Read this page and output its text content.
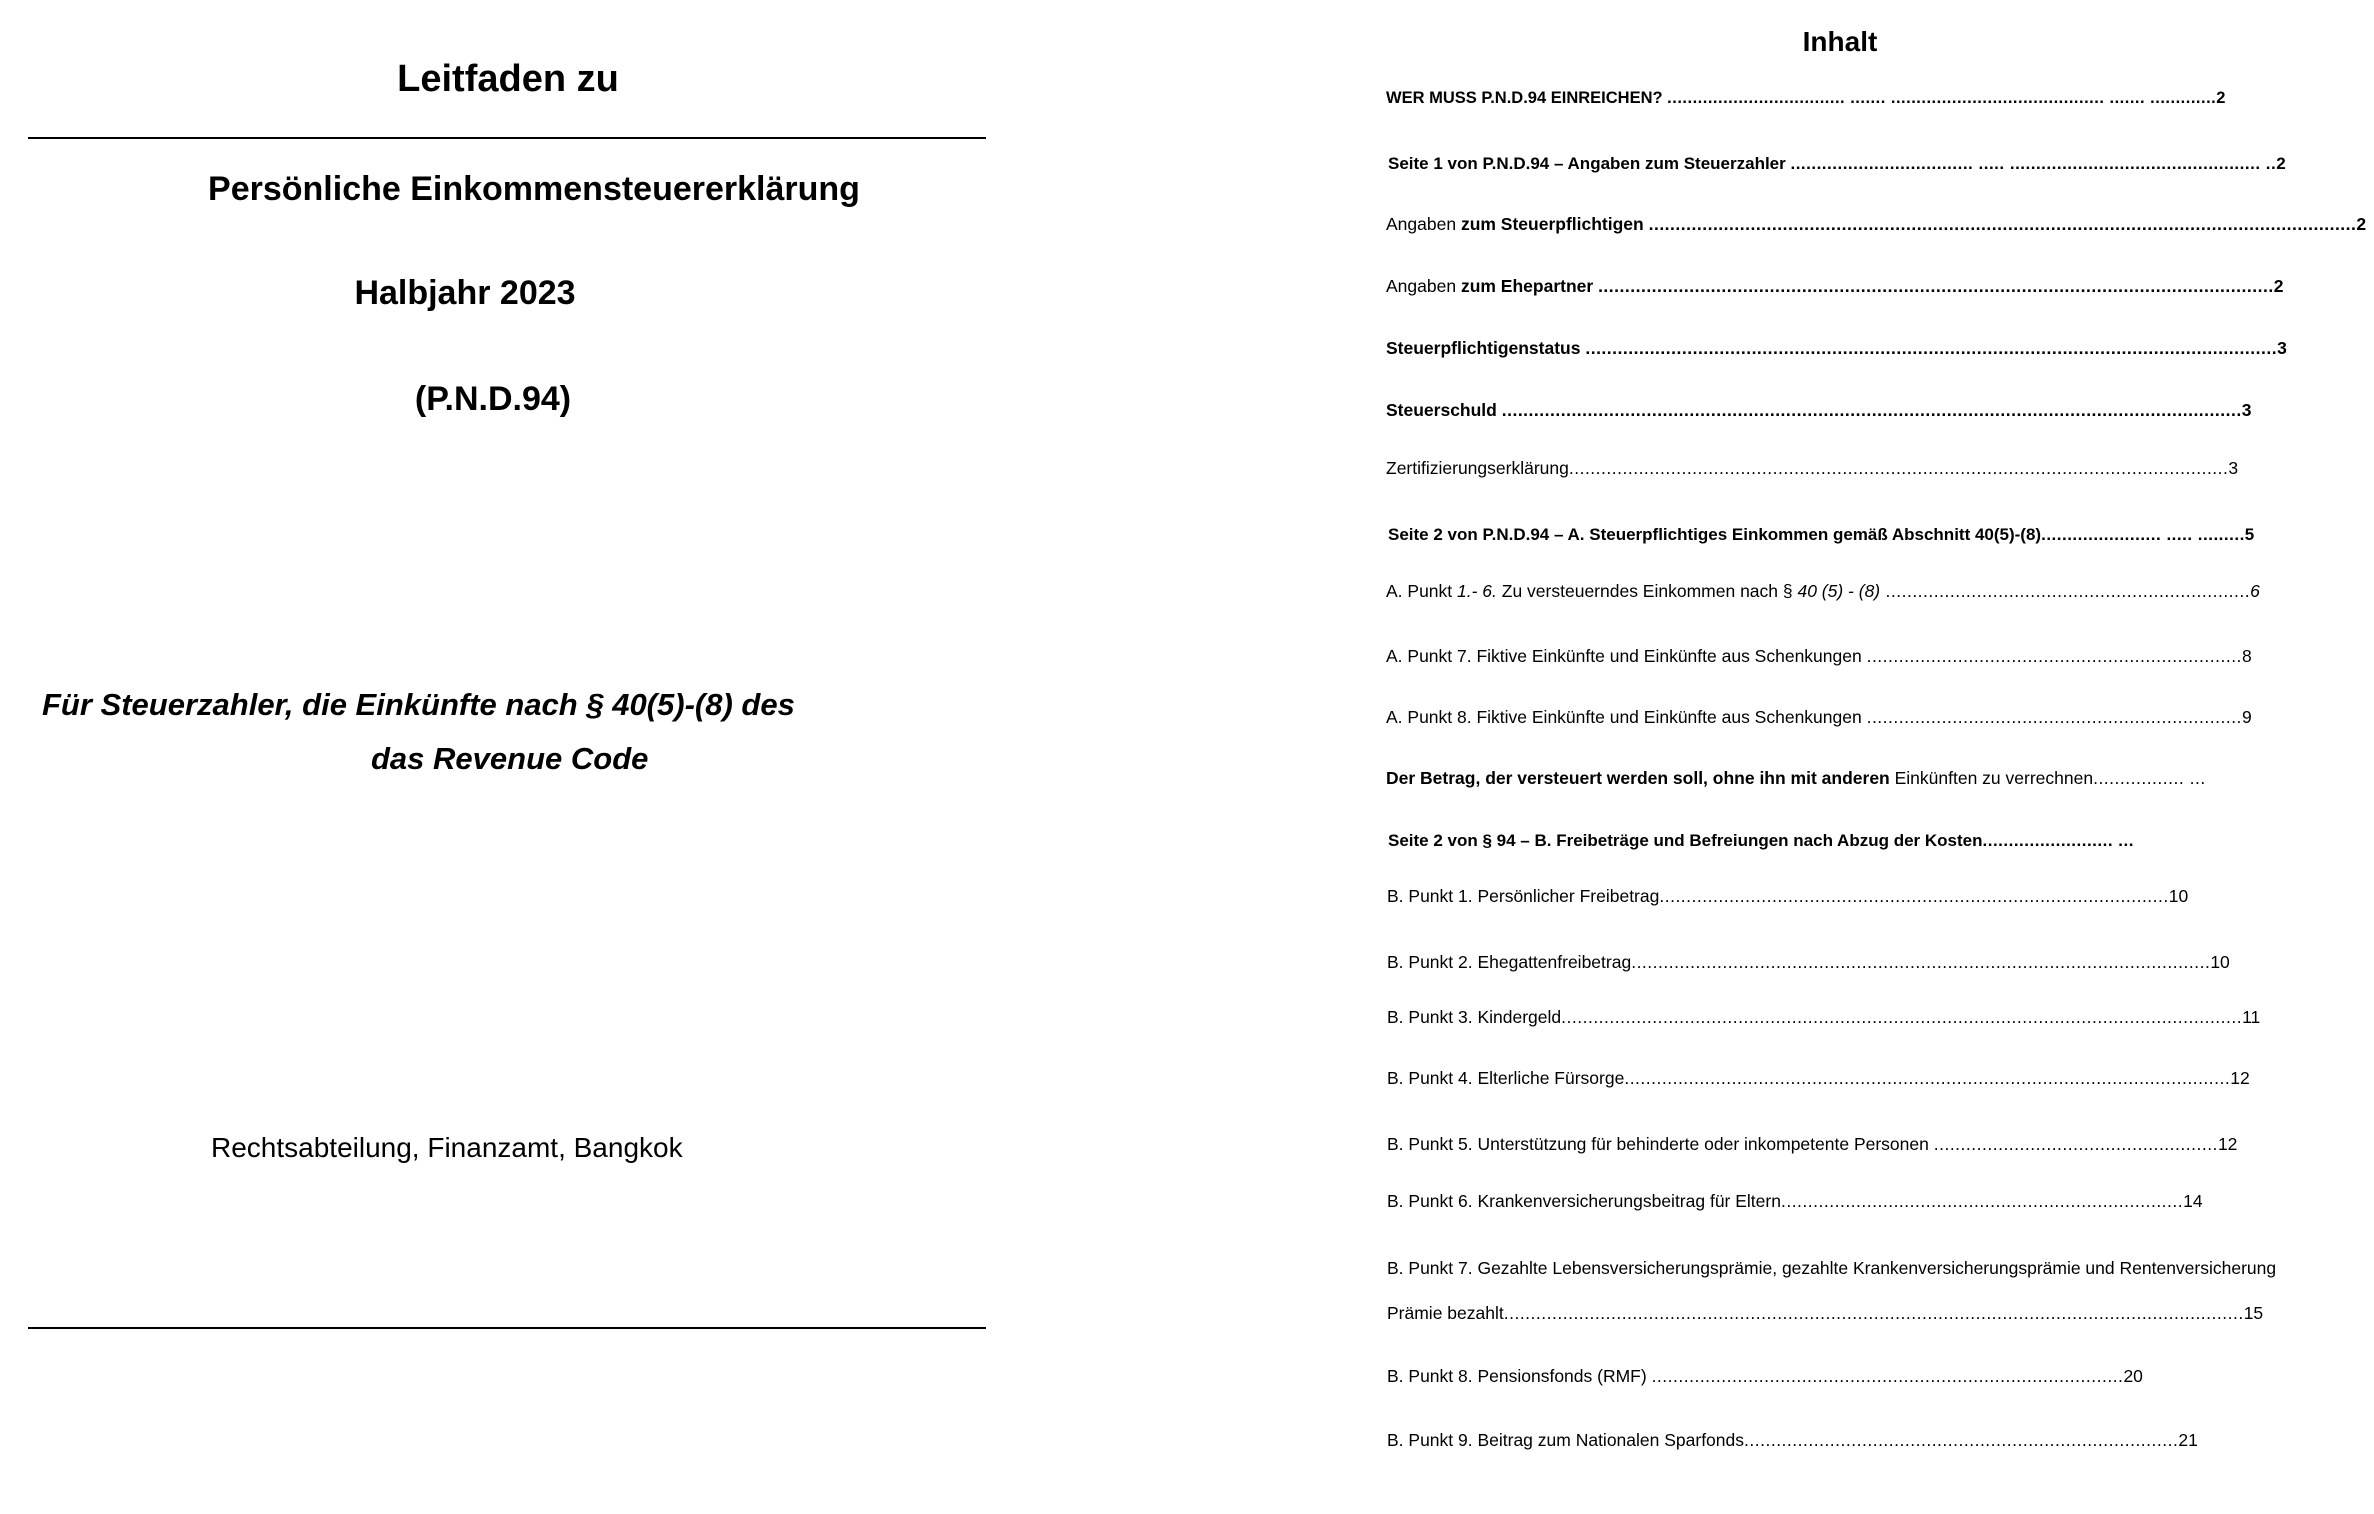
Leitfaden zu
Persönliche Einkommensteuererklärung
Halbjahr 2023
(P.N.D.94)
Für Steuerzahler, die Einkünfte nach § 40(5)-(8) des
das Revenue Code
Rechtsabteilung, Finanzamt, Bangkok
Inhalt
WER MUSS P.N.D.94 EINREICHEN? ................................... ....... .......................................... ....... .............2
Seite 1 von P.N.D.94 – Angaben zum Steuerzahler ................................... ..... ................................................ ..2
Angaben zum Steuerpflichtigen ....................................................................................................................................2
Angaben zum Ehepartner ..............................................................................................................................2
Steuerpflichtigenstatus .................................................................................................................................3
Steuerschuld ..........................................................................................................................................3
Zertifizierungserklärung...........................................................................................................................3
Seite 2 von P.N.D.94 – A. Steuerpflichtiges Einkommen gemäß Abschnitt 40(5)-(8)....................... ..... .........5
A. Punkt 1.- 6. Zu versteuerndes Einkommen nach § 40 (5) - (8) ....................................................................6
A. Punkt 7. Fiktive Einkünfte und Einkünfte aus Schenkungen ......................................................................8
A. Punkt 8. Fiktive Einkünfte und Einkünfte aus Schenkungen ......................................................................9
Der Betrag, der versteuert werden soll, ohne ihn mit anderen Einkünften zu verrechnen................. ...
Seite 2 von § 94 – B. Freibeträge und Befreiungen nach Abzug der Kosten......................... ...
B. Punkt 1. Persönlicher Freibetrag...............................................................................................10
B. Punkt 2. Ehegattenfreibetrag............................................................................................................10
B. Punkt 3. Kindergeld...............................................................................................................................11
B. Punkt 4. Elterliche Fürsorge.................................................................................................................12
B. Punkt 5. Unterstützung für behinderte oder inkompetente Personen .....................................................12
B. Punkt 6. Krankenversicherungsbeitrag für Eltern...........................................................................14
B. Punkt 7. Gezahlte Lebensversicherungsprämie, gezahlte Krankenversicherungsprämie und Rentenversicherung
Prämie bezahlt..........................................................................................................................................15
B. Punkt 8. Pensionsfonds (RMF) ........................................................................................20
B. Punkt 9. Beitrag zum Nationalen Sparfonds.................................................................................21
